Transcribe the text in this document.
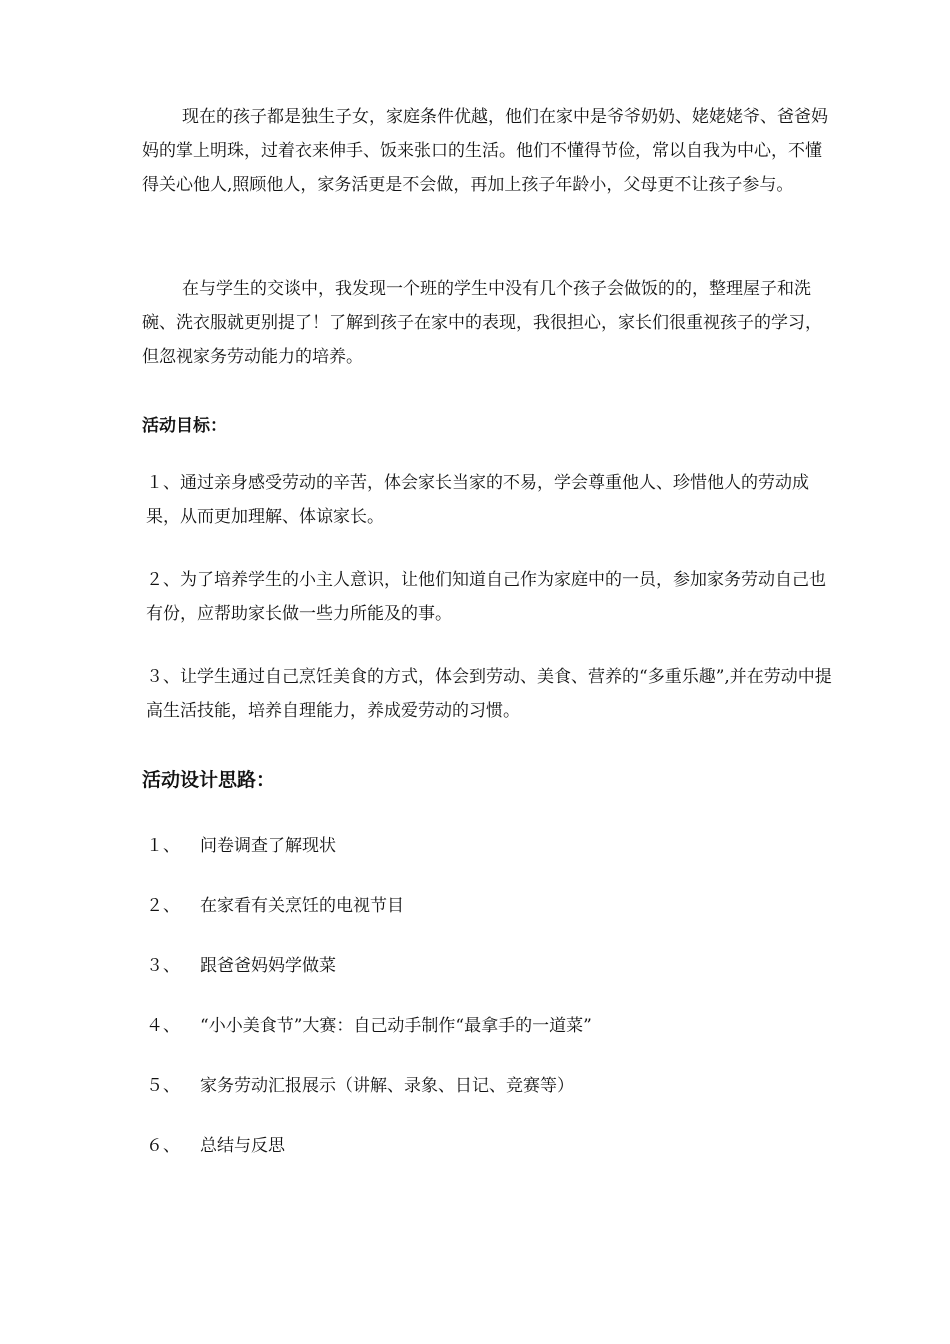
现在的孩子都是独生子女，家庭条件优越，他们在家中是爷爷奶奶、姥姥姥爷、爸爸妈妈的掌上明珠，过着衣来伸手、饭来张口的生活。他们不懂得节俭，常以自我为中心，不懂得关心他人,照顾他人，家务活更是不会做，再加上孩子年龄小，父母更不让孩子参与。

在与学生的交谈中，我发现一个班的学生中没有几个孩子会做饭的的，整理屋子和洗碗、洗衣服就更别提了！了解到孩子在家中的表现，我很担心，家长们很重视孩子的学习，但忽视家务劳动能力的培养。

活动目标：

１、通过亲身感受劳动的辛苦，体会家长当家的不易，学会尊重他人、珍惜他人的劳动成果，从而更加理解、体谅家长。

２、为了培养学生的小主人意识，让他们知道自己作为家庭中的一员，参加家务劳动自己也有份，应帮助家长做一些力所能及的事。

３、让学生通过自己烹饪美食的方式，体会到劳动、美食、营养的“多重乐趣”,并在劳动中提高生活技能，培养自理能力，养成爱劳动的习惯。

活动设计思路：

１、 问卷调查了解现状
２、 在家看有关烹饪的电视节目
３、 跟爸爸妈妈学做菜
４、 “小小美食节”大赛：自己动手制作“最拿手的一道菜”
５、 家务劳动汇报展示（讲解、录象、日记、竞赛等）
６、 总结与反思
